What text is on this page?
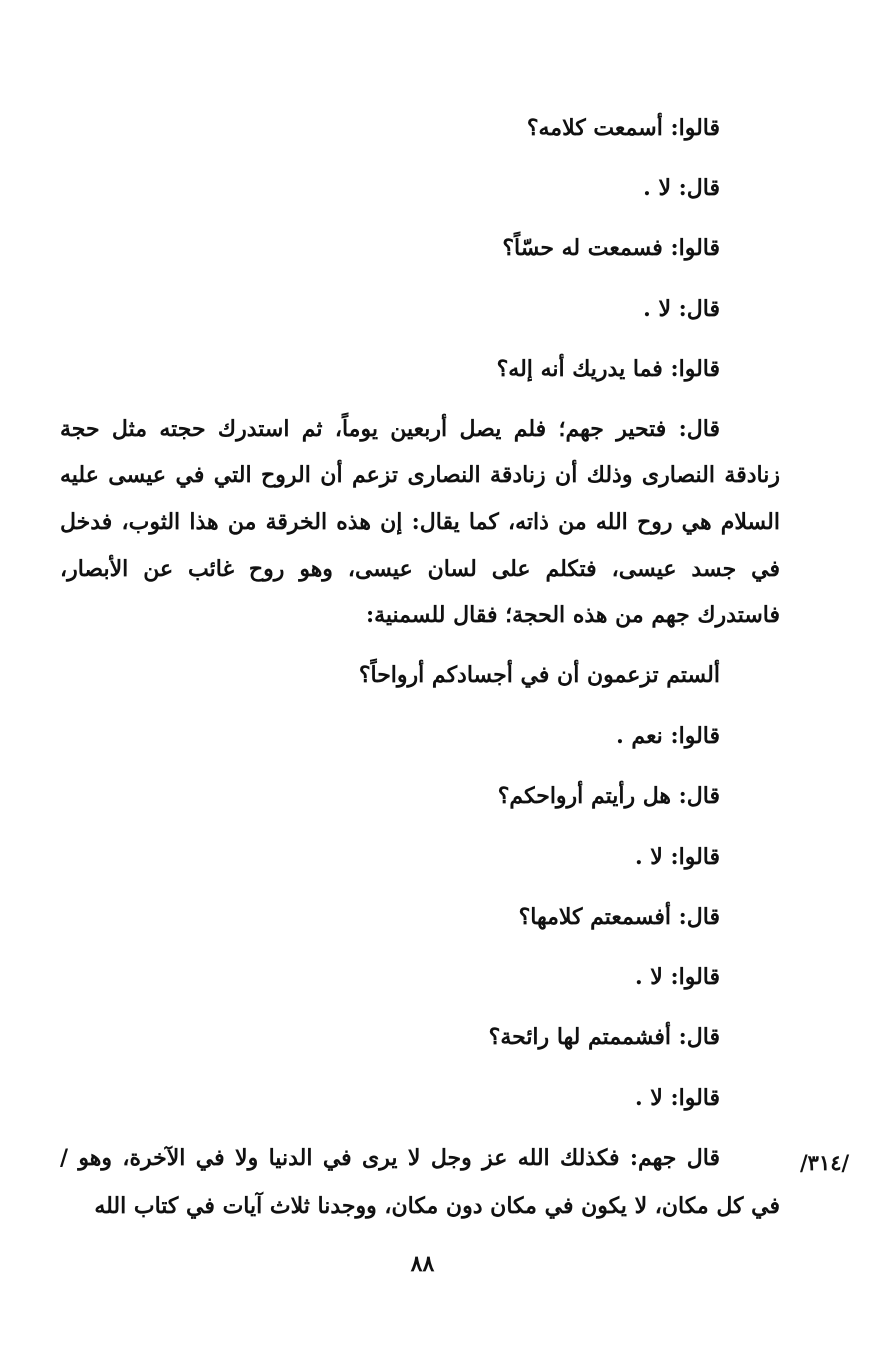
قالوا: أسمعت كلامه؟
قال: لا .
قالوا: فسمعت له حسّاً؟
قال: لا .
قالوا: فما يدريك أنه إله؟
قال: فتحير جهم؛ فلم يصل أربعين يوماً، ثم استدرك حجته مثل حجة
زنادقة النصارى وذلك أن زنادقة النصارى تزعم أن الروح التي في عيسى عليه
السلام هي روح الله من ذاته، كما يقال: إن هذه الخرقة من هذا الثوب، فدخل
في جسد عيسى، فتكلم على لسان عيسى، وهو روح غائب عن الأبصار،
فاستدرك جهم من هذه الحجة؛ فقال للسمنية:
ألستم تزعمون أن في أجسادكم أرواحاً؟
قالوا: نعم .
قال: هل رأيتم أرواحكم؟
قالوا: لا .
قال: أفسمعتم كلامها؟
قالوا: لا .
قال: أفشممتم لها رائحة؟
قالوا: لا .
قال جهم: فكذلك الله عز وجل لا يرى في الدنيا ولا في الآخرة، وهو /
في كل مكان، لا يكون في مكان دون مكان، ووجدنا ثلاث آيات في كتاب الله
/٣١٤/
٨٨
